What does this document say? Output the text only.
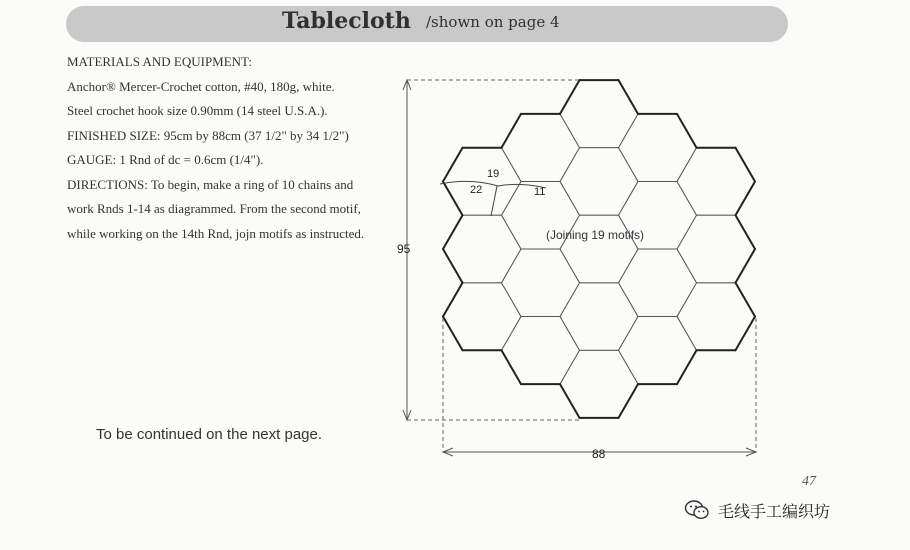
Tablecloth /shown on page 4

MATERIALS AND EQUIPMENT:

Anchor® Mercer-Crochet cotton, #40, 180g, white.

Steel crochet hook size 0.90mm (14 steel U.S.A.).

FINISHED SIZE: 95cm by 88cm (37 1/2" by 34 1/2")

GAUGE: 1 Rnd of dc = 0.6cm (1/4").

DIRECTIONS: To begin, make a ring of 10 chains and work Rnds 1-14 as diagrammed. From the second motif, while working on the 14th Rnd, jojn motifs as instructed.

To be continued on the next page.
19
22	11
(Joining 19 motifs)
95
88
47
毛线手工编织坊
